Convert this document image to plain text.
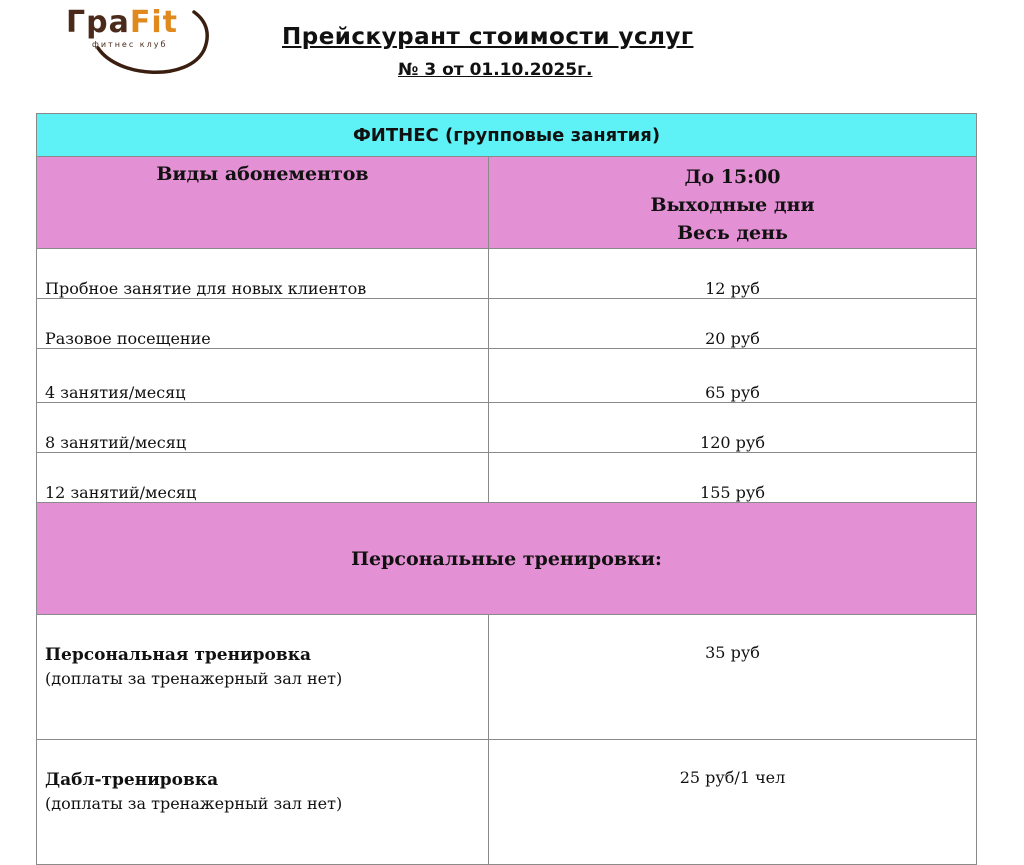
ГраFit
фитнес клуб	Прейскурант стоимости услуг
№ 3 от 01.10.2025г.
ФИТНЕС (групповые занятия)	
Виды абонементов	До 15:00
Выходные дни
Весь день

Пробное занятие для новых клиентов	12 руб
Разовое посещение	20 руб
4 занятия/месяц	65 руб
8 занятий/месяц	120 руб
12 занятий/месяц	155 руб
Персональные тренировки:	
Персональная тренировка
(доплаты за тренажерный зал нет)	35 руб
Дабл-тренировка
(доплаты за тренажерный зал нет)	25 руб/1 чел
